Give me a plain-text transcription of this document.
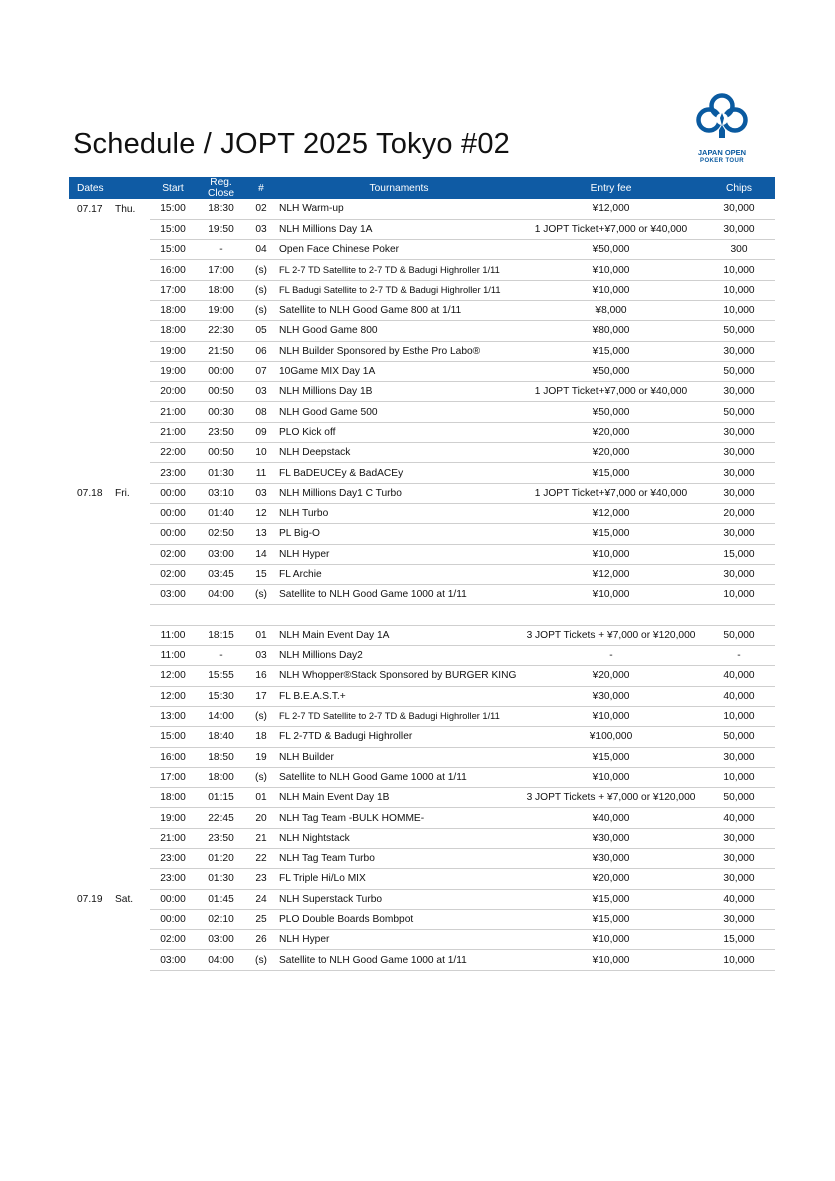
Schedule / JOPT 2025 Tokyo #02	JAPAN OPEN
POKER TOUR
Dates	Start	Reg. Close	#	Tournaments	Entry fee	Chips
07.17 Thu.	15:00	18:30	02	NLH Warm-up	¥12,000	30,000
	15:00	19:50	03	NLH Millions Day 1A	1 JOPT Ticket+¥7,000 or ¥40,000	30,000
	15:00	-	04	Open Face Chinese Poker	¥50,000	300
	16:00	17:00	(s)	FL 2-7 TD Satellite to 2-7 TD & Badugi Highroller 1/11	¥10,000	10,000
	17:00	18:00	(s)	FL Badugi Satellite to 2-7 TD & Badugi Highroller 1/11	¥10,000	10,000
	18:00	19:00	(s)	Satellite to NLH Good Game 800 at 1/11	¥8,000	10,000
	18:00	22:30	05	NLH Good Game 800	¥80,000	50,000
	19:00	21:50	06	NLH Builder Sponsored by Esthe Pro Labo®	¥15,000	30,000
	19:00	00:00	07	10Game MIX Day 1A	¥50,000	50,000
	20:00	00:50	03	NLH Millions Day 1B	1 JOPT Ticket+¥7,000 or ¥40,000	30,000
	21:00	00:30	08	NLH Good Game 500	¥50,000	50,000
	21:00	23:50	09	PLO Kick off	¥20,000	30,000
	22:00	00:50	10	NLH Deepstack	¥20,000	30,000
	23:00	01:30	11	FL BaDEUCEy & BadACEy	¥15,000	30,000
07.18 Fri.	00:00	03:10	03	NLH Millions Day1 C Turbo	1 JOPT Ticket+¥7,000 or ¥40,000	30,000
	00:00	01:40	12	NLH Turbo	¥12,000	20,000
	00:00	02:50	13	PL Big-O	¥15,000	30,000
	02:00	03:00	14	NLH Hyper	¥10,000	15,000
	02:00	03:45	15	FL Archie	¥12,000	30,000
	03:00	04:00	(s)	Satellite to NLH Good Game 1000 at 1/11	¥10,000	10,000

	11:00	18:15	01	NLH Main Event Day 1A	3 JOPT Tickets + ¥7,000 or ¥120,000	50,000
	11:00	-	03	NLH Millions Day2	-	-
	12:00	15:55	16	NLH Whopper®Stack Sponsored by BURGER KING	¥20,000	40,000
	12:00	15:30	17	FL B.E.A.S.T.+	¥30,000	40,000
	13:00	14:00	(s)	FL 2-7 TD Satellite to 2-7 TD & Badugi Highroller 1/11	¥10,000	10,000
	15:00	18:40	18	FL 2-7TD & Badugi Highroller	¥100,000	50,000
	16:00	18:50	19	NLH Builder	¥15,000	30,000
	17:00	18:00	(s)	Satellite to NLH Good Game 1000 at 1/11	¥10,000	10,000
	18:00	01:15	01	NLH Main Event Day 1B	3 JOPT Tickets + ¥7,000 or ¥120,000	50,000
	19:00	22:45	20	NLH Tag Team -BULK HOMME-	¥40,000	40,000
	21:00	23:50	21	NLH Nightstack	¥30,000	30,000
	23:00	01:20	22	NLH Tag Team Turbo	¥30,000	30,000
	23:00	01:30	23	FL Triple Hi/Lo MIX	¥20,000	30,000
07.19 Sat.	00:00	01:45	24	NLH Superstack Turbo	¥15,000	40,000
	00:00	02:10	25	PLO Double Boards Bombpot	¥15,000	30,000
	02:00	03:00	26	NLH Hyper	¥10,000	15,000
	03:00	04:00	(s)	Satellite to NLH Good Game 1000 at 1/11	¥10,000	10,000
